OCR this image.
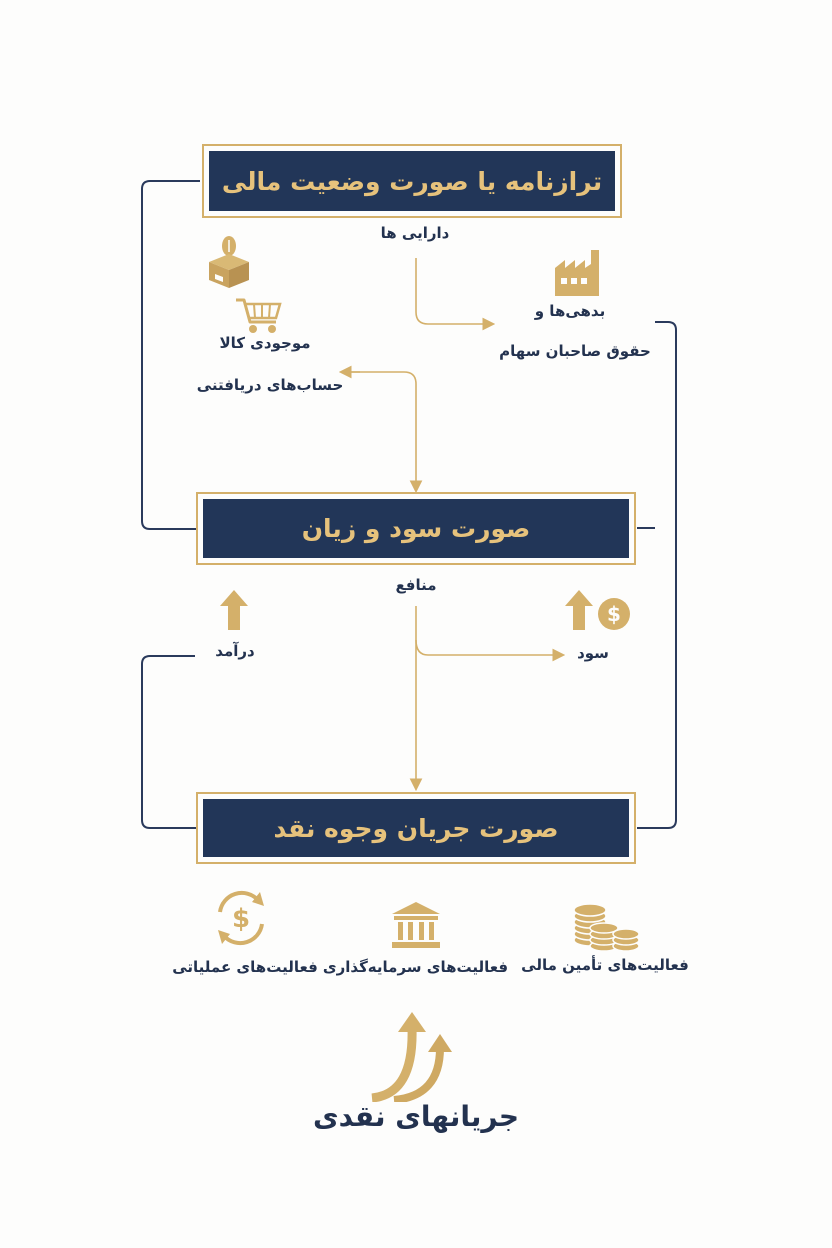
ترازنامه یا صورت وضعیت مالی
صورت سود و زیان
صورت جریان وجوه نقد
دارایی ها
بدهی‌ها و
حقوق صاحبان سهام
موجودی کالا
حساب‌های دریافتنی
منافع
درآمد	سود
فعالیت‌های عملیاتی فعالیت‌های سرمایه‌گذاری فعالیت‌های تأمین مالی
جریانهای نقدی
$
$
